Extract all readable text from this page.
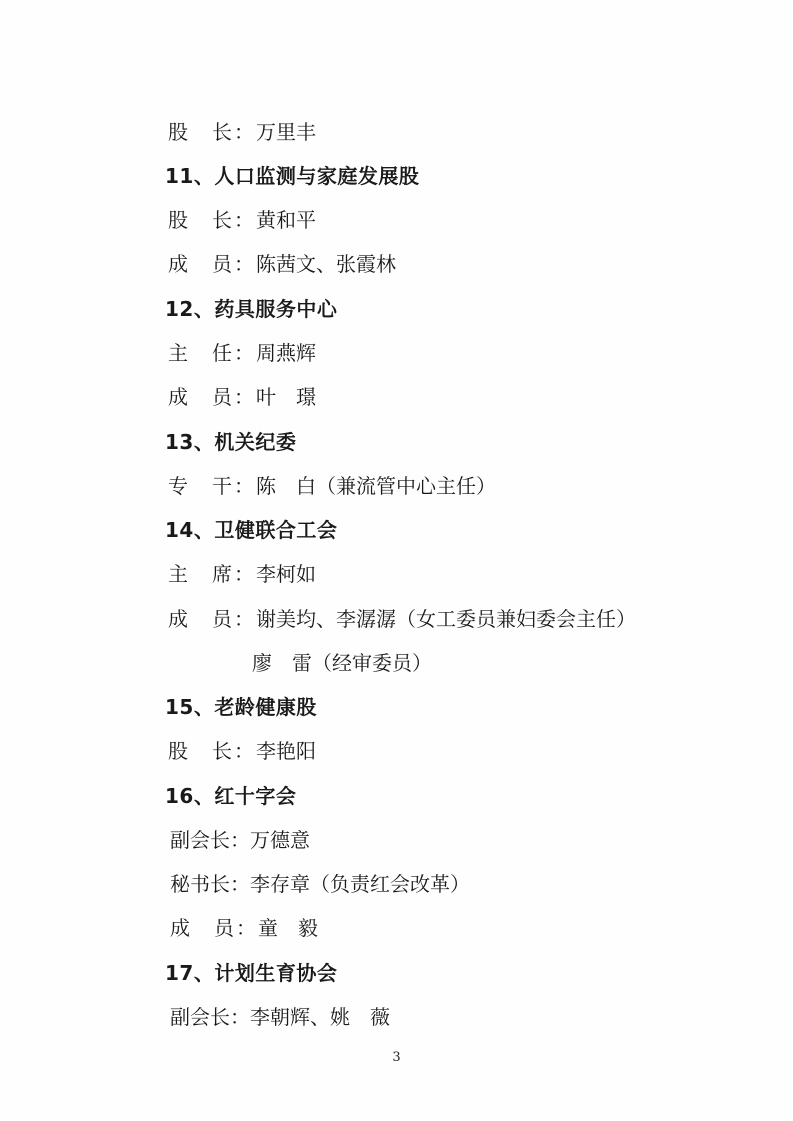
股　长：万里丰
11、人口监测与家庭发展股
股　长：黄和平
成　员：陈茜文、张霞林
12、药具服务中心
主　任：周燕辉
成　员：叶　璟
13、机关纪委
专　干：陈　白（兼流管中心主任）
14、卫健联合工会
主　席：李柯如
成　员：谢美均、李潺潺（女工委员兼妇委会主任）
廖　雷（经审委员）
15、老龄健康股
股　长：李艳阳
16、红十字会
副会长：万德意
秘书长：李存章（负责红会改革）
成　员：童　毅
17、计划生育协会
副会长：李朝辉、姚　薇
3
